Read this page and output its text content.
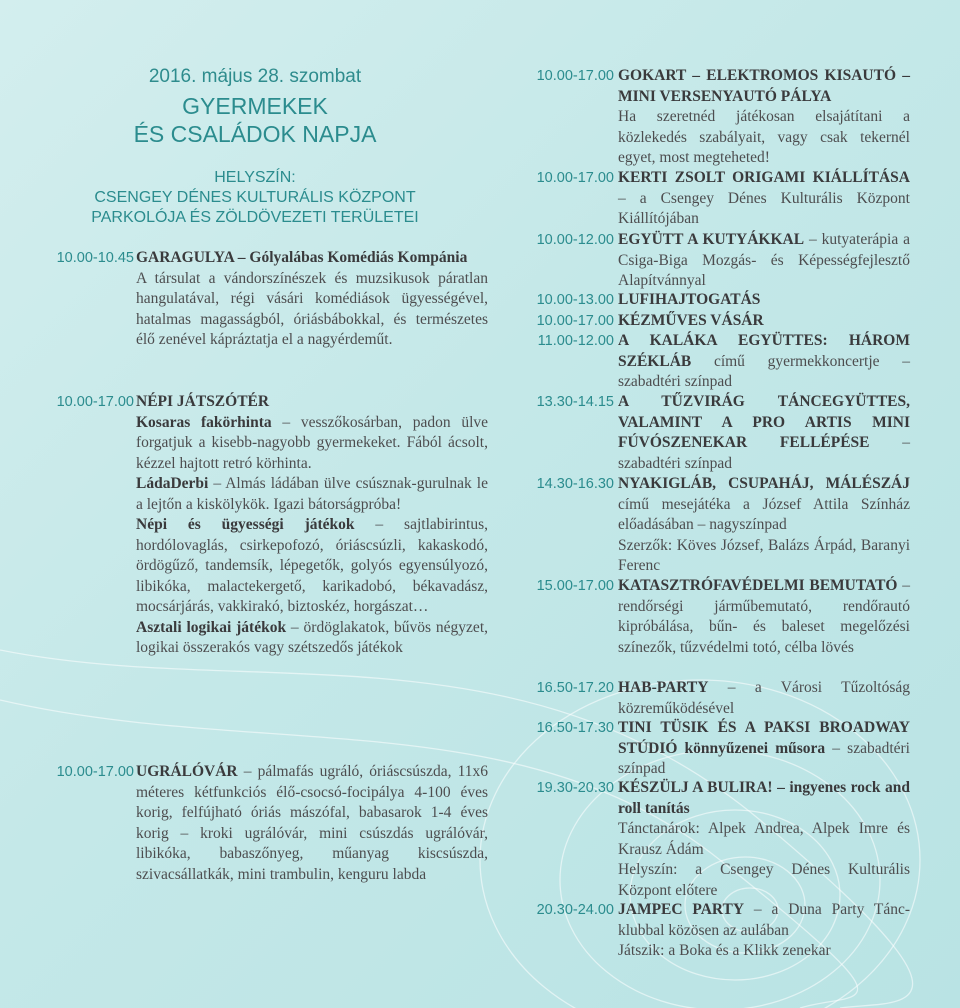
2016. május 28. szombat
GYERMEKEK
ÉS CSALÁDOK NAPJA
HELYSZÍN:
CSENGEY DÉNES KULTURÁLIS KÖZPONT
PARKOLÓJA ÉS ZÖLDÖVEZETI TERÜLETEI
10.00-10.45 GARAGULYA – Gólyalábas Komédiás Kompánia

A társulat a vándorszínészek és muzsikusok páratlan hangulatával, régi vásári komédiások ügyességével, hatalmas magasságból, óriásbábokkal, és természetes élő zenével kápráztatja el a nagyérdeműt.

10.00-17.00 NÉPI JÁTSZÓTÉR

Kosaras fakörhinta – vesszőkosárban, padon ülve forgatjuk a kisebb-nagyobb gyermekeket. Fából ácsolt, kézzel hajtott retró körhinta.

LádaDerbi – Almás ládában ülve csúsznak-gurulnak le a lejtőn a kiskölykök. Igazi bátorságpróba!

Népi és ügyességi játékok – sajtlabirintus, hordólovaglás, csirkepofozó, óriáscsúzli, kakaskodó, ördögűző, tandemsík, lépegetők, golyós egyensúlyozó, libikóka, malactekergető, karikadobó, békavadász, mocsárjárás, vakkirakó, biztoskéz, horgászat…

Asztali logikai játékok – ördöglakatok, bűvös négyzet, logikai összerakós vagy szétszedős játékok

10.00-17.00 UGRÁLÓVÁR – pálmafás ugráló, óriáscsúszda, 11x6 méteres kétfunkciós élő-csocsó-focipálya 4-100 éves korig, felfújható óriás mászófal, babasarok 1-4 éves korig – kroki ugrálóvár, mini csúszdás ugrálóvár, libikóka, babaszőnyeg, műanyag kiscsúszda, szivacsállatkák, mini trambulin, kenguru labda

10.00-17.00 GOKART – ELEKTROMOS KISAUTÓ – MINI VERSENYAUTÓ PÁLYA

Ha szeretnéd játékosan elsajátítani a közlekedés szabályait, vagy csak tekernél egyet, most megteheted!

10.00-17.00 KERTI ZSOLT ORIGAMI KIÁLLÍTÁSA – a Csengey Dénes Kulturális Központ Kiállítójában

10.00-12.00 EGYÜTT A KUTYÁKKAL – kutyaterápia a Csiga-Biga Mozgás- és Képességfejlesztő Alapítvánnyal

10.00-13.00 LUFIHAJTOGATÁS

10.00-17.00 KÉZMŰVES VÁSÁR

11.00-12.00 A KALÁKA EGYÜTTES: HÁROM SZÉKLÁB című gyermekkoncertje – szabadtéri színpad

13.30-14.15 A TŰZVIRÁG TÁNCEGYÜTTES, VALAMINT A PRO ARTIS MINI FÚVÓSZENEKAR FELLÉPÉSE – szabadtéri színpad

14.30-16.30 NYAKIGLÁB, CSUPAHÁJ, MÁLÉSZÁJ című mesejátéka a József Attila Színház előadásában – nagyszínpad

Szerzők: Köves József, Balázs Árpád, Baranyi Ferenc

15.00-17.00 KATASZTRÓFAVÉDELMI BEMUTATÓ – rendőrségi járműbemutató, rendőrautó kipróbálása, bűn- és baleset megelőzési színezők, tűzvédelmi totó, célba lövés

16.50-17.20 HAB-PARTY – a Városi Tűzoltóság közreműködésével

16.50-17.30 TINI TÜSIK ÉS A PAKSI BROADWAY STÚDIÓ könnyűzenei műsora – szabadtéri színpad

19.30-20.30 KÉSZÜLJ A BULIRA! – ingyenes rock and roll tanítás

Tánctanárok: Alpek Andrea, Alpek Imre és Krausz Ádám

Helyszín: a Csengey Dénes Kulturális Központ előtere

20.30-24.00 JAMPEC PARTY – a Duna Party Tánc-klubbal közösen az aulában

Játszik: a Boka és a Klikk zenekar
